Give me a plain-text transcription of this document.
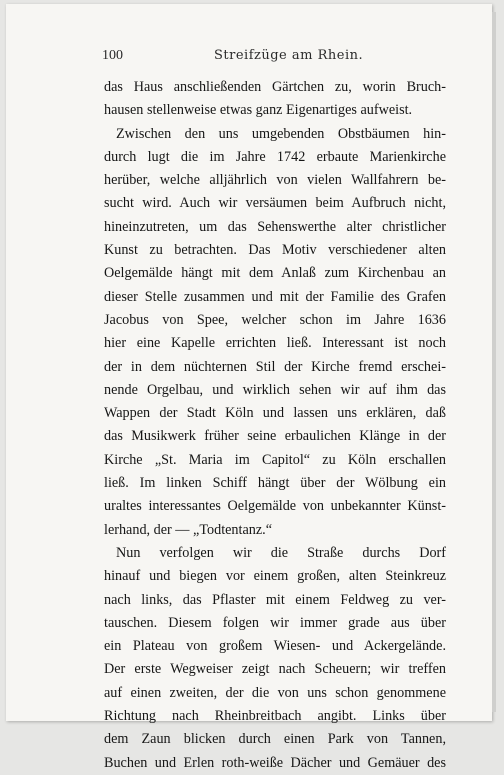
100	Streifzüge am Rhein.
das Haus anschließenden Gärtchen zu, worin Bruch-
hausen stellenweise etwas ganz Eigenartiges aufweist.
Zwischen den uns umgebenden Obstbäumen hin-
durch lugt die im Jahre 1742 erbaute Marienkirche
herüber, welche alljährlich von vielen Wallfahrern be-
sucht wird. Auch wir versäumen beim Aufbruch nicht,
hineinzutreten, um das Sehenswerthe alter christlicher
Kunst zu betrachten. Das Motiv verschiedener alten
Oelgemälde hängt mit dem Anlaß zum Kirchenbau an
dieser Stelle zusammen und mit der Familie des Grafen
Jacobus von Spee, welcher schon im Jahre 1636
hier eine Kapelle errichten ließ. Interessant ist noch
der in dem nüchternen Stil der Kirche fremd erschei-
nende Orgelbau, und wirklich sehen wir auf ihm das
Wappen der Stadt Köln und lassen uns erklären, daß
das Musikwerk früher seine erbaulichen Klänge in der
Kirche „St. Maria im Capitol“ zu Köln erschallen
ließ. Im linken Schiff hängt über der Wölbung ein
uraltes interessantes Oelgemälde von unbekannter Künst-
lerhand, der — „Todtentanz.“
Nun verfolgen wir die Straße durchs Dorf
hinauf und biegen vor einem großen, alten Steinkreuz
nach links, das Pflaster mit einem Feldweg zu ver-
tauschen. Diesem folgen wir immer grade aus über
ein Plateau von großem Wiesen- und Ackergelände.
Der erste Wegweiser zeigt nach Scheuern; wir treffen
auf einen zweiten, der die von uns schon genommene
Richtung nach Rheinbreitbach angibt. Links über
dem Zaun blicken durch einen Park von Tannen,
Buchen und Erlen roth-weiße Dächer und Gemäuer des
